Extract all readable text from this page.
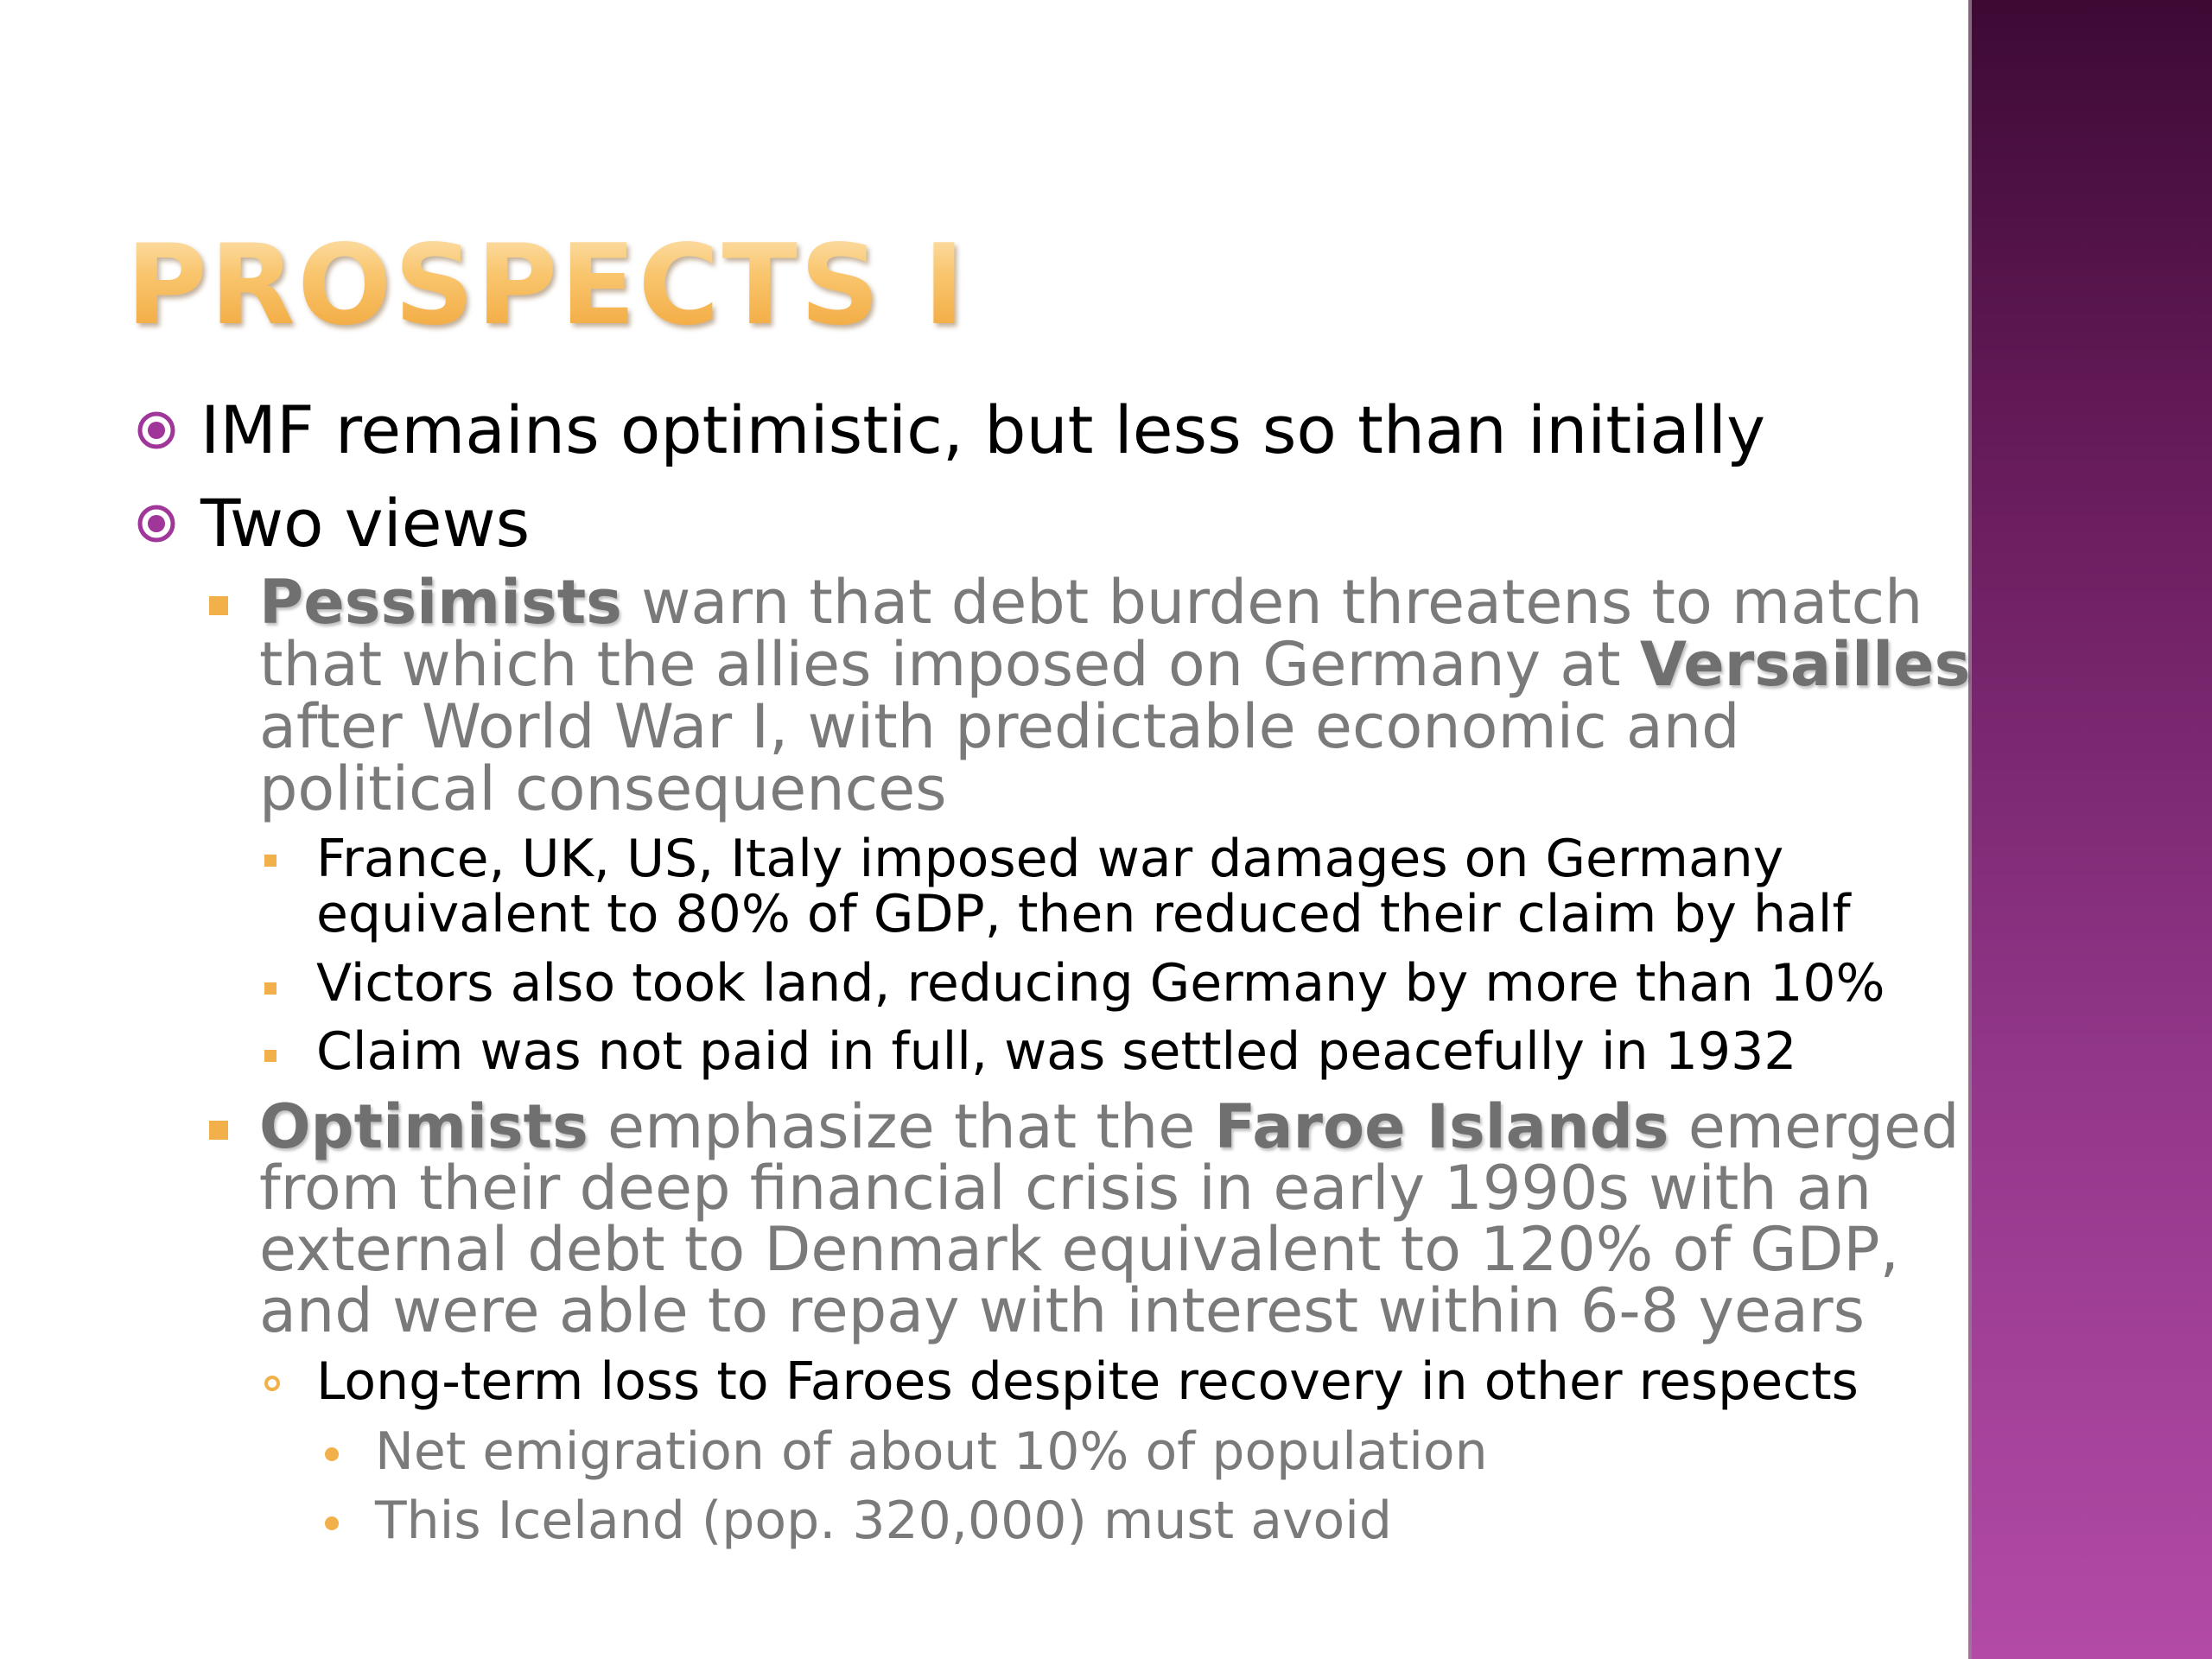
PROSPECTS I
IMF remains optimistic, but less so than initially
Two views
Pessimists warn that debt burden threatens to match
that which the allies imposed on Germany at Versailles
after World War I, with predictable economic and
political consequences
France, UK, US, Italy imposed war damages on Germany
equivalent to 80% of GDP, then reduced their claim by half
Victors also took land, reducing Germany by more than 10%
Claim was not paid in full, was settled peacefully in 1932
Optimists emphasize that the Faroe Islands emerged
from their deep financial crisis in early 1990s with an
external debt to Denmark equivalent to 120% of GDP,
and were able to repay with interest within 6-8 years
Long-term loss to Faroes despite recovery in other respects
Net emigration of about 10% of population
This Iceland (pop. 320,000) must avoid
